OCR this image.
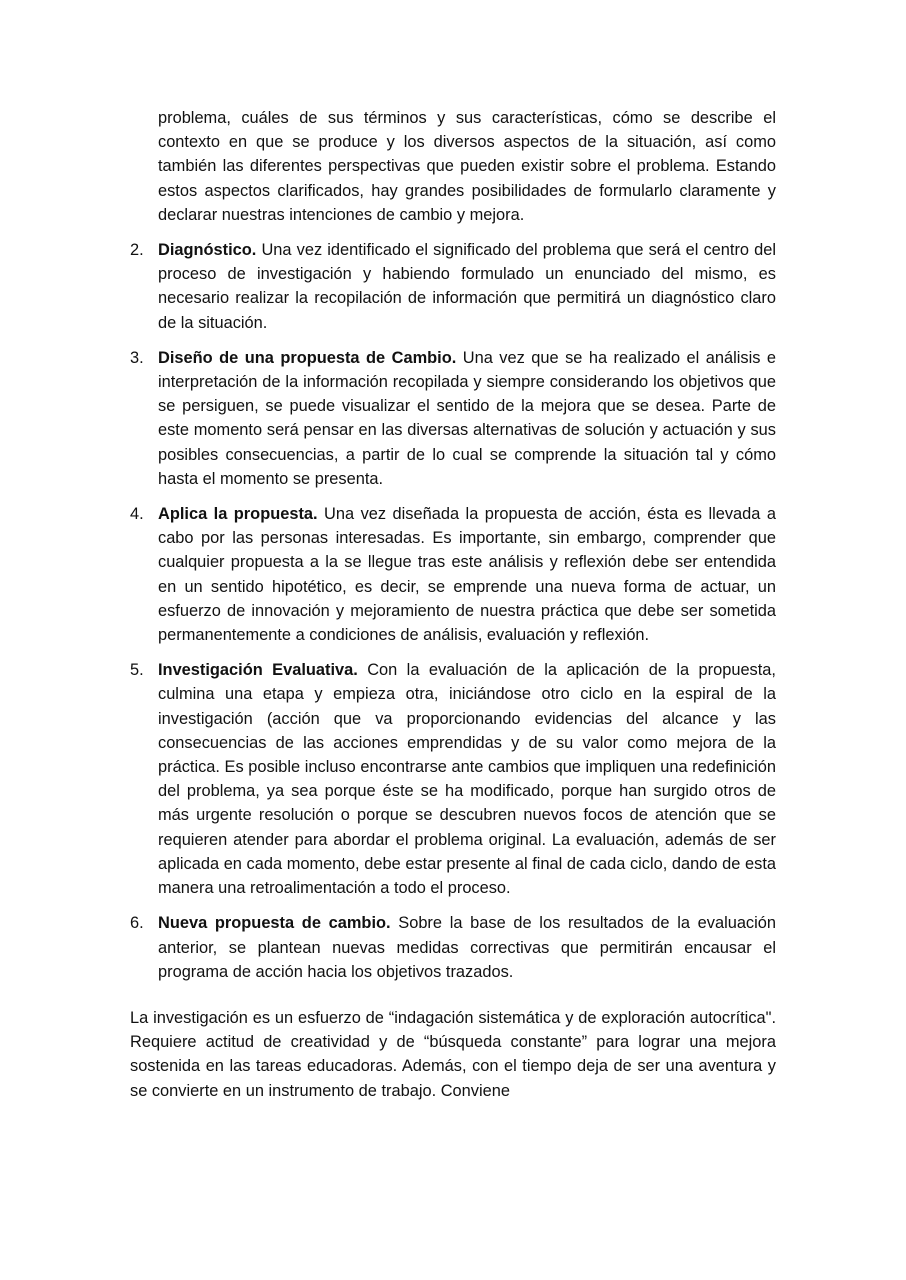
problema, cuáles de sus términos y sus características, cómo se describe el contexto en que se produce y los diversos aspectos de la situación, así como también las diferentes perspectivas que pueden existir sobre el problema. Estando estos aspectos clarificados, hay grandes posibilidades de formularlo claramente y declarar nuestras intenciones de cambio y mejora.

2. Diagnóstico. Una vez identificado el significado del problema que será el centro del proceso de investigación y habiendo formulado un enunciado del mismo, es necesario realizar la recopilación de información que permitirá un diagnóstico claro de la situación.
3. Diseño de una propuesta de Cambio. Una vez que se ha realizado el análisis e interpretación de la información recopilada y siempre considerando los objetivos que se persiguen, se puede visualizar el sentido de la mejora que se desea. Parte de este momento será pensar en las diversas alternativas de solución y actuación y sus posibles consecuencias, a partir de lo cual se comprende la situación tal y cómo hasta el momento se presenta.
4. Aplica la propuesta. Una vez diseñada la propuesta de acción, ésta es llevada a cabo por las personas interesadas. Es importante, sin embargo, comprender que cualquier propuesta a la se llegue tras este análisis y reflexión debe ser entendida en un sentido hipotético, es decir, se emprende una nueva forma de actuar, un esfuerzo de innovación y mejoramiento de nuestra práctica que debe ser sometida permanentemente a condiciones de análisis, evaluación y reflexión.
5. Investigación Evaluativa. Con la evaluación de la aplicación de la propuesta, culmina una etapa y empieza otra, iniciándose otro ciclo en la espiral de la investigación (acción que va proporcionando evidencias del alcance y las consecuencias de las acciones emprendidas y de su valor como mejora de la práctica. Es posible incluso encontrarse ante cambios que impliquen una redefinición del problema, ya sea porque éste se ha modificado, porque han surgido otros de más urgente resolución o porque se descubren nuevos focos de atención que se requieren atender para abordar el problema original. La evaluación, además de ser aplicada en cada momento, debe estar presente al final de cada ciclo, dando de esta manera una retroalimentación a todo el proceso.
6. Nueva propuesta de cambio. Sobre la base de los resultados de la evaluación anterior, se plantean nuevas medidas correctivas que permitirán encausar el programa de acción hacia los objetivos trazados.

La investigación es un esfuerzo de “indagación sistemática y de exploración autocrítica". Requiere actitud de creatividad y de “búsqueda constante” para lograr una mejora sostenida en las tareas educadoras. Además, con el tiempo deja de ser una aventura y se convierte en un instrumento de trabajo. Conviene
